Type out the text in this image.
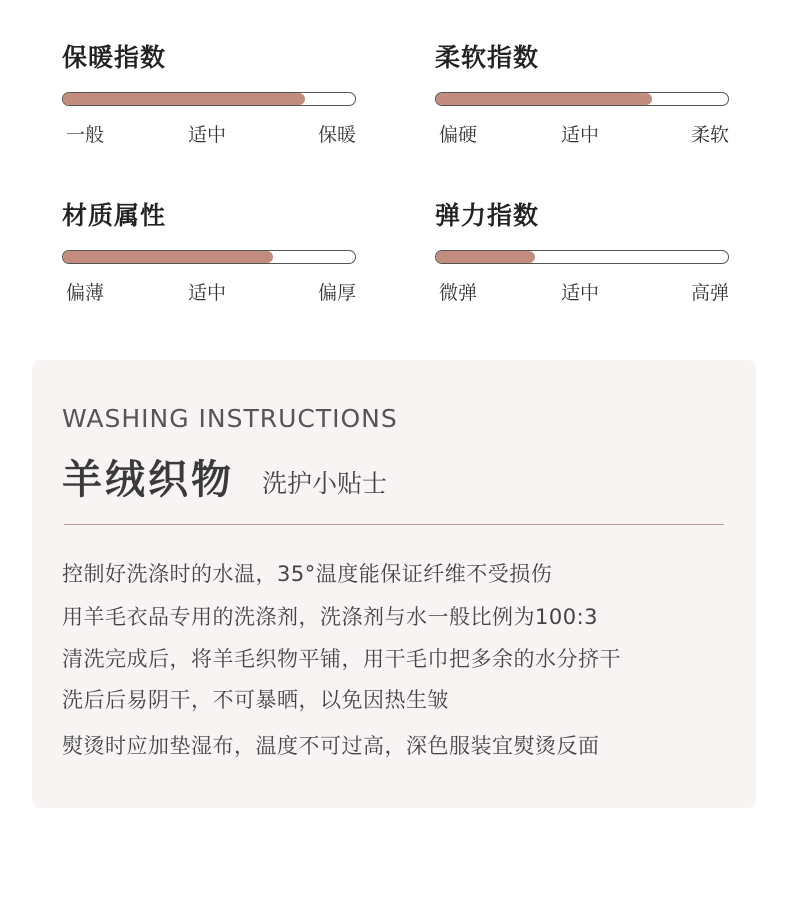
保暖指数
一般	适中	保暖
柔软指数
偏硬	适中	柔软
材质属性
偏薄	适中	偏厚
弹力指数
微弹	适中	高弹
WASHING INSTRUCTIONS
羊绒织物 洗护小贴士
控制好洗涤时的水温，35°温度能保证纤维不受损伤
用羊毛衣品专用的洗涤剂，洗涤剂与水一般比例为100:3
清洗完成后，将羊毛织物平铺，用干毛巾把多余的水分挤干
洗后后易阴干，不可暴晒，以免因热生皱
熨烫时应加垫湿布，温度不可过高，深色服装宜熨烫反面
